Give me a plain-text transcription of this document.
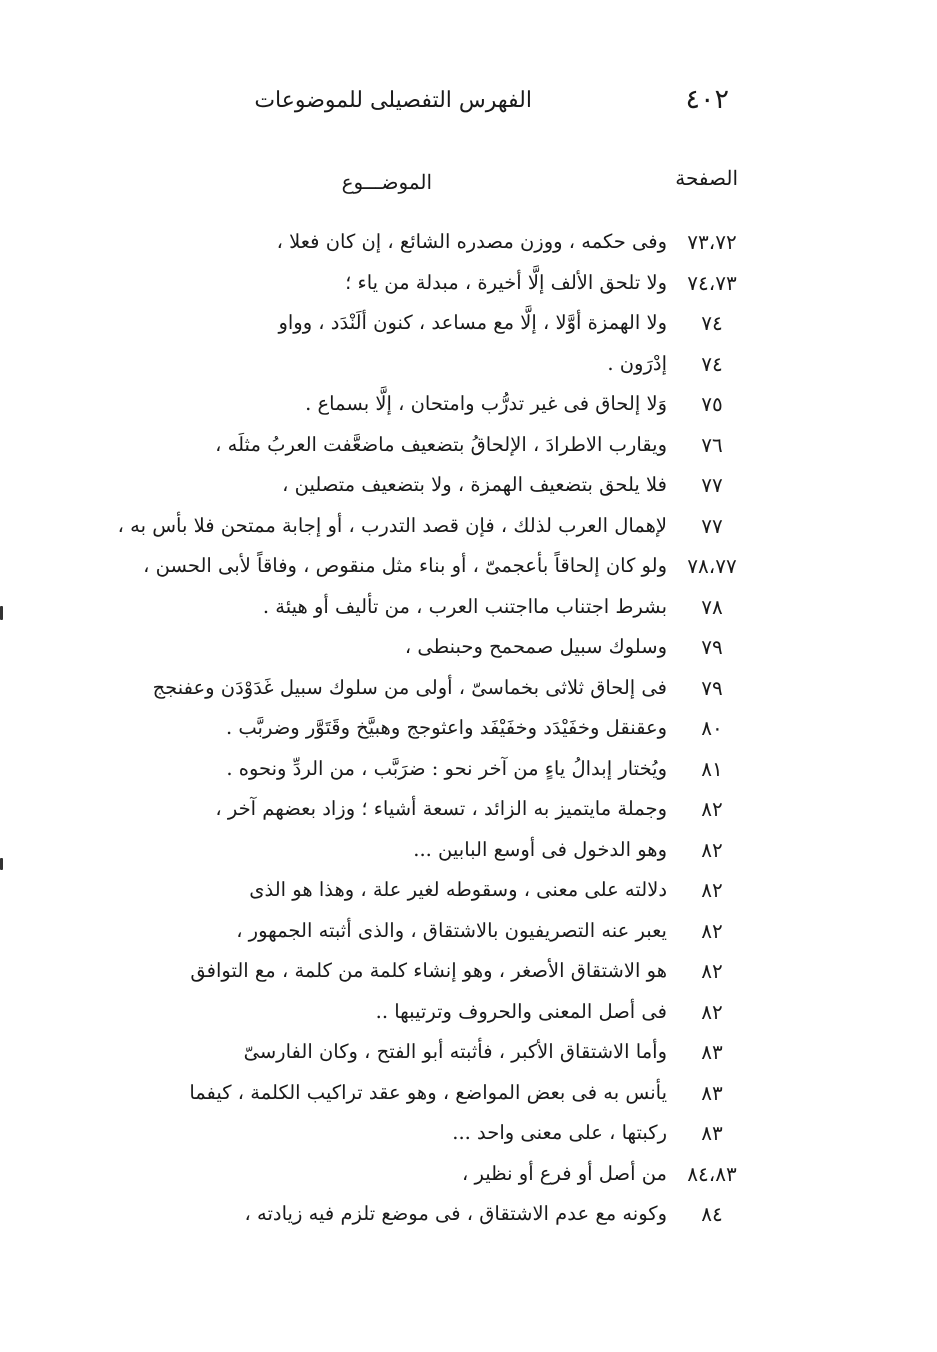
٤٠٢
الفهرس التفصيلى للموضوعات
الصفحة
الموضـــوع
٧٣،٧٢
وفى حكمه ، ووزن مصدره الشائع ، إن كان فعلا ،
٧٤،٧٣
ولا تلحق الألف إلَّا أخيرة ، مبدلة من ياء ؛
٧٤
ولا الهمزة أوَّلا ، إلَّا مع مساعد ، كنون ألَنْدَد ، وواو
٧٤
إدْرَون .
٧٥
وَلا إلحاق فى غير تدرُّب وامتحان ، إلَّا بسماع .
٧٦
ويقارب الاطرادَ ، الإلحاقُ بتضعيف ماضعَّفت العربُ مثلَه ،
٧٧
فلا يلحق بتضعيف الهمزة ، ولا بتضعيف متصلين ،
٧٧
لإهمال العرب لذلك ، فإن قصد التدرب ، أو إجابة ممتحن فلا بأس به ،
٧٨،٧٧
ولو كان إلحاقاً بأعجمىّ ، أو بناء مثل منقوص ، وفاقاً لأبى الحسن ،
٧٨
بشرط اجتناب مااجتنب العرب ، من تأليف أو هيئة .
٧٩
وسلوك سبيل صمحمح وحبنطى ،
٧٩
فى إلحاق ثلاثى بخماسىّ ، أولى من سلوك سبيل غَدَوْدَن وعفنجج
٨٠
وعقنقل وخفَيْدَد وخفَيْفَد واعثوجج وهبيَّخ وقَتَوَّر وضربَّب .
٨١
ويُختار إبدالُ ياءٍ من آخر نحو : ضرَبَّب ، من الردِّ ونحوه .
٨٢
وجملة مايتميز به الزائد ، تسعة أشياء ؛ وزاد بعضهم آخر ،
٨٢
وهو الدخول فى أوسع البابين ...
٨٢
دلالته على معنى ، وسقوطه لغير علة ، وهذا هو الذى
٨٢
يعبر عنه التصريفيون بالاشتقاق ، والذى أثبته الجمهور ،
٨٢
هو الاشتقاق الأصغر ، وهو إنشاء كلمة من كلمة ، مع التوافق
٨٢
فى أصل المعنى والحروف وترتيبها ..
٨٣
وأما الاشتقاق الأكبر ، فأثبته أبو الفتح ، وكان الفارسىّ
٨٣
يأنس به فى بعض المواضع ، وهو عقد تراكيب الكلمة ، كيفما
٨٣
ركبتها ، على معنى واحد ...
٨٤،٨٣
من أصل أو فرع أو نظير ،
٨٤
وكونه مع عدم الاشتقاق ، فى موضع تلزم فيه زيادته ،
